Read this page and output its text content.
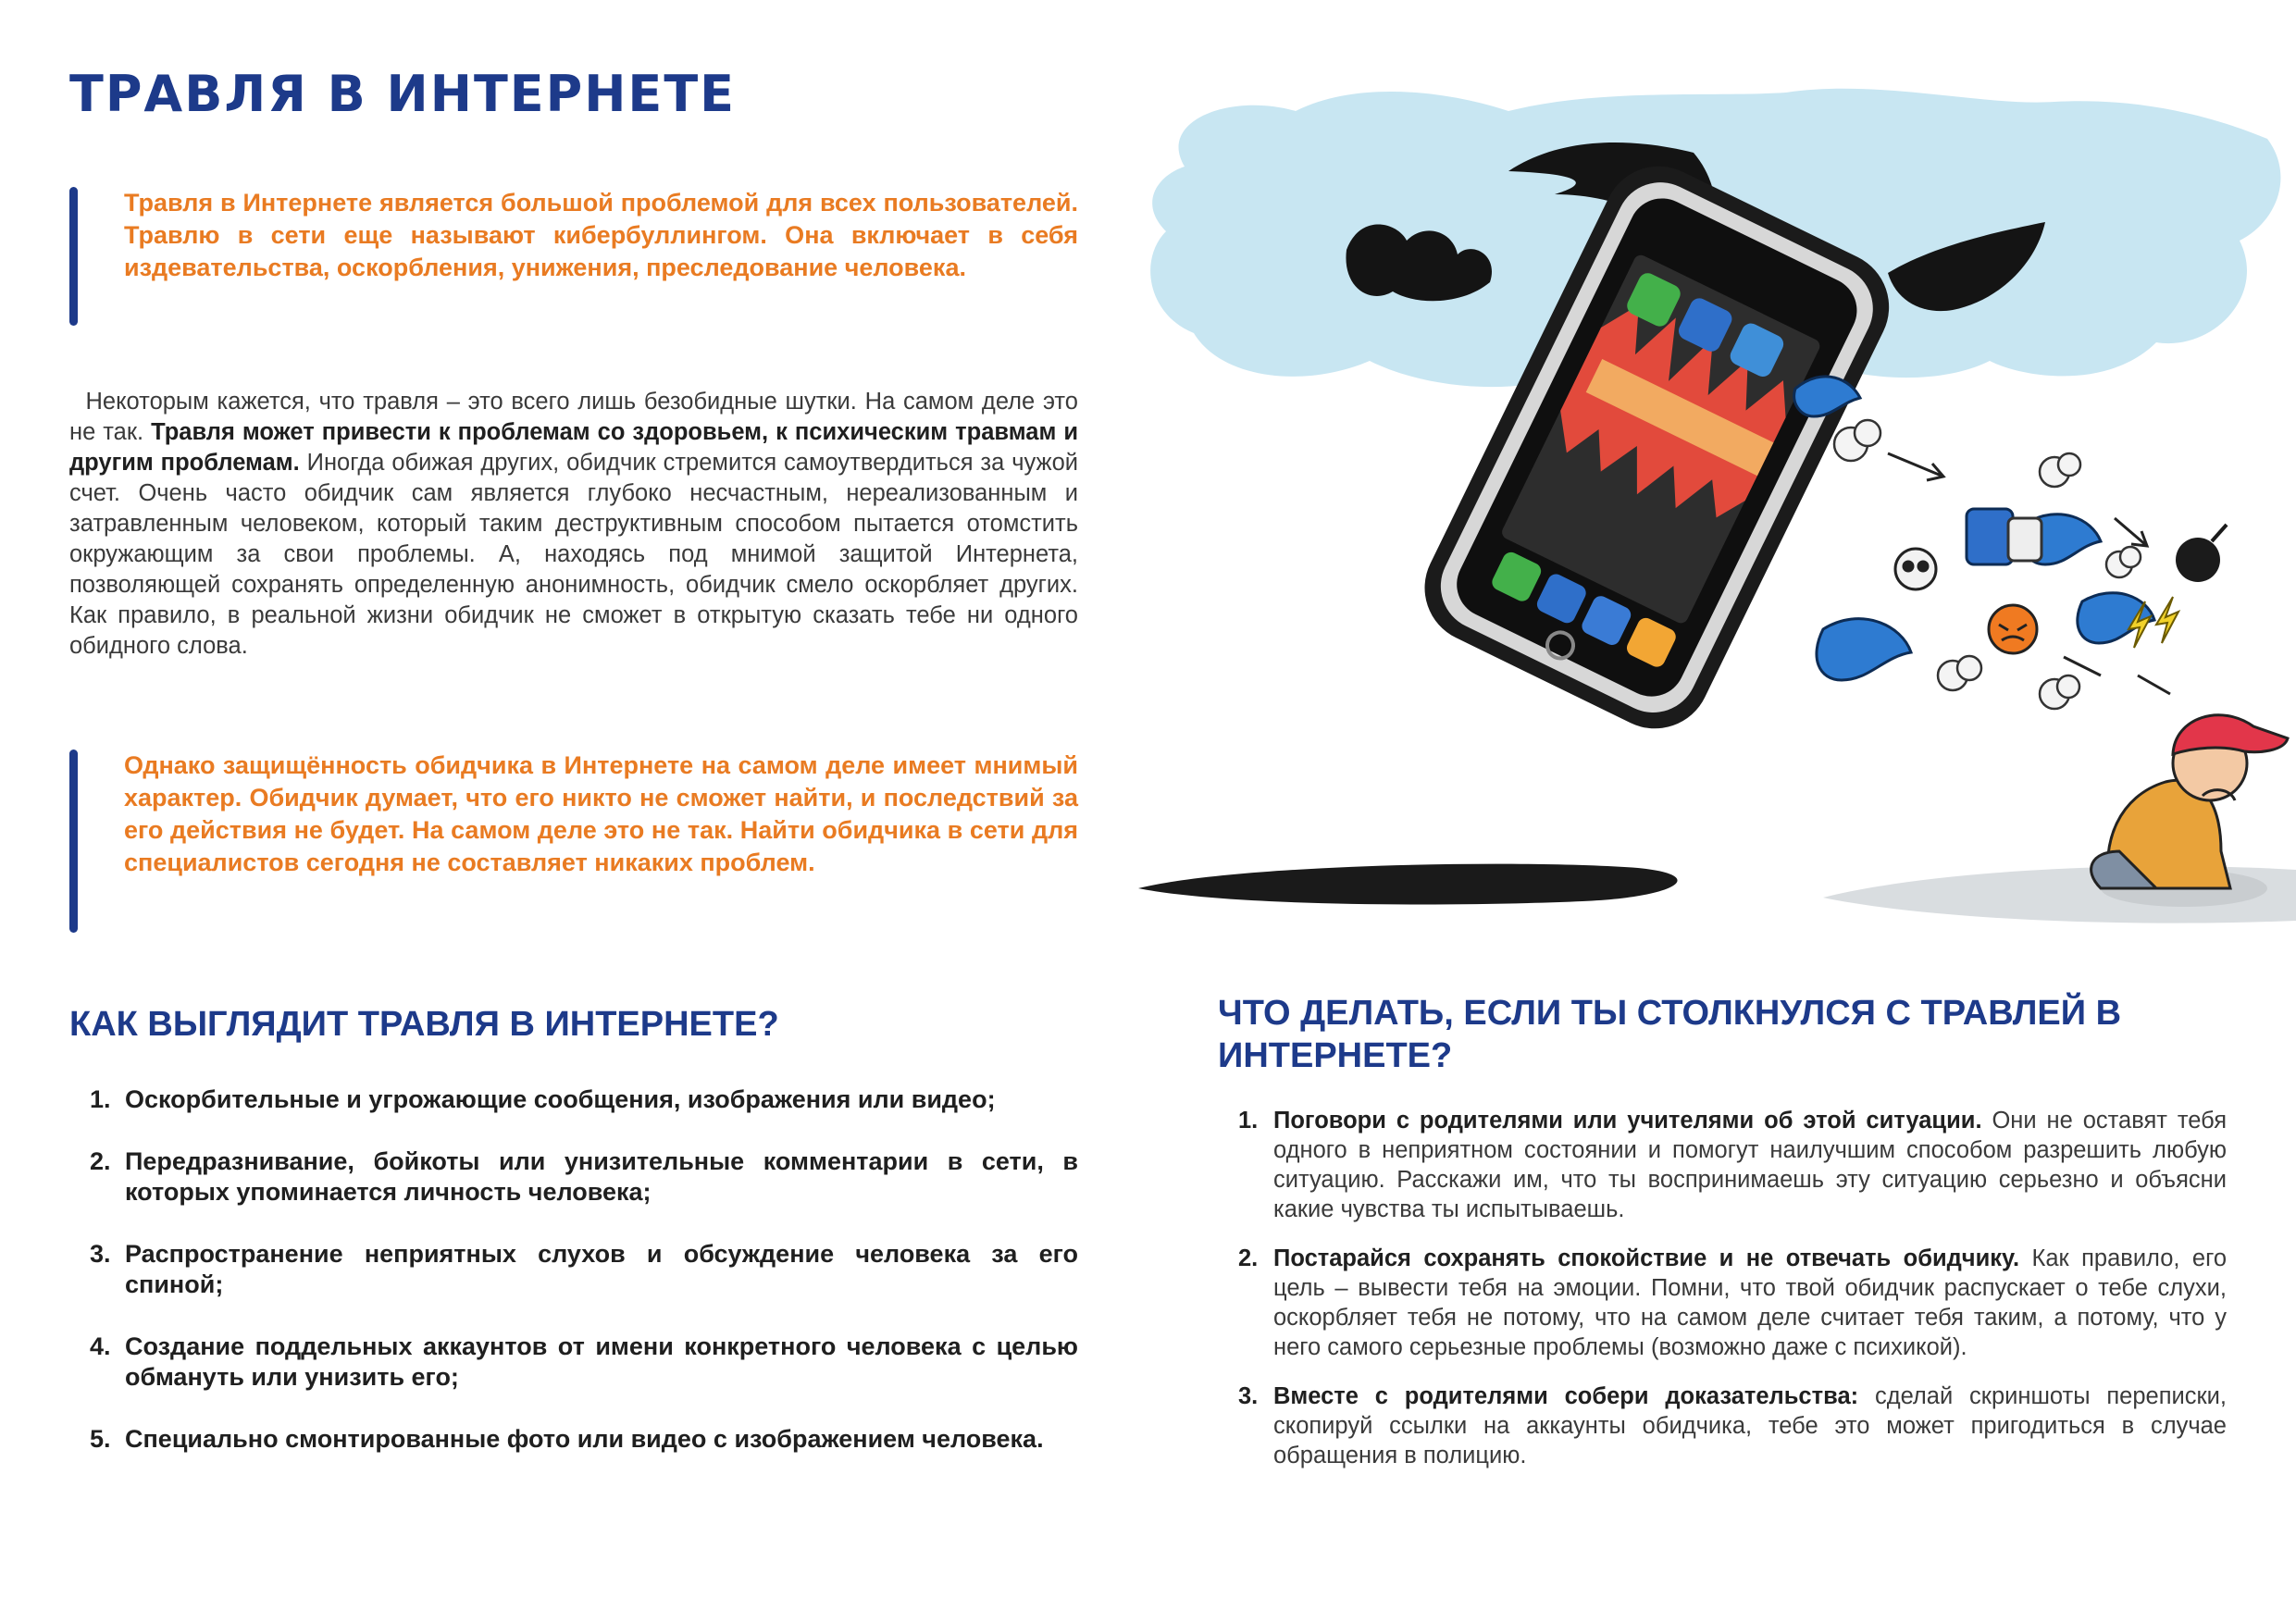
ТРАВЛЯ В ИНТЕРНЕТЕ

Травля в Интернете является большой проблемой для всех пользователей. Травлю в сети еще называют кибербуллингом. Она включает в себя издевательства, оскорбления, унижения, преследование человека.

Некоторым кажется, что травля – это всего лишь безобидные шутки. На самом деле это не так. Травля может привести к проблемам со здоровьем, к психическим травмам и другим проблемам. Иногда обижая других, обидчик стремится самоутвердиться за чужой счет. Очень часто обидчик сам является глубоко несчастным, нереализованным и затравленным человеком, который таким деструктивным способом пытается отомстить окружающим за свои проблемы. А, находясь под мнимой защитой Интернета, позволяющей сохранять определенную анонимность, обидчик смело оскорбляет других. Как правило, в реальной жизни обидчик не сможет в открытую сказать тебе ни одного обидного слова.

Однако защищённость обидчика в Интернете на самом деле имеет мнимый характер. Обидчик думает, что его никто не сможет найти, и последствий за его действия не будет. На самом деле это не так. Найти обидчика в сети для специалистов сегодня не составляет никаких проблем.

КАК ВЫГЛЯДИТ ТРАВЛЯ В ИНТЕРНЕТЕ?
1. Оскорбительные и угрожающие сообщения, изображения или видео;
2. Передразнивание, бойкоты или унизительные комментарии в сети, в которых упоминается личность человека;
3. Распространение неприятных слухов и обсуждение человека за его спиной;
4. Создание поддельных аккаунтов от имени конкретного человека с целью обмануть или унизить его;
5. Специально смонтированные фото или видео с изображением человека.
ЧТО ДЕЛАТЬ, ЕСЛИ ТЫ СТОЛКНУЛСЯ С ТРАВЛЕЙ В ИНТЕРНЕТЕ?
1. Поговори с родителями или учителями об этой ситуации. Они не оставят тебя одного в неприятном состоянии и помогут наилучшим способом разрешить любую ситуацию. Расскажи им, что ты воспринимаешь эту ситуацию серьезно и объясни какие чувства ты испытываешь.
2. Постарайся сохранять спокойствие и не отвечать обидчику. Как правило, его цель – вывести тебя на эмоции. Помни, что твой обидчик распускает о тебе слухи, оскорбляет тебя не потому, что на самом деле считает тебя таким, а потому, что у него самого серьезные проблемы (возможно даже с психикой).
3. Вместе с родителями собери доказательства: сделай скриншоты переписки, скопируй ссылки на аккаунты обидчика, тебе это может пригодиться в случае обращения в полицию.
